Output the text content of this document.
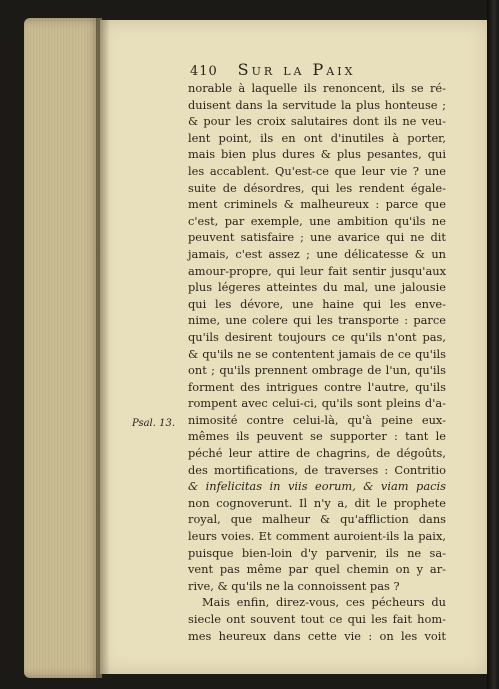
410 Sur la Paix
Psal. 13.
norable à laquelle ils renoncent, ils se ré-
duisent dans la servitude la plus honteuse ;
& pour les croix salutaires dont ils ne veu-
lent point, ils en ont d'inutiles à porter,
mais bien plus dures & plus pesantes, qui
les accablent. Qu'est-ce que leur vie ? une
suite de désordres, qui les rendent égale-
ment criminels & malheureux : parce que
c'est, par exemple, une ambition qu'ils ne
peuvent satisfaire ; une avarice qui ne dit
jamais, c'est assez ; une délicatesse & un
amour-propre, qui leur fait sentir jusqu'aux
plus légeres atteintes du mal, une jalousie
qui les dévore, une haine qui les enve-
nime, une colere qui les transporte : parce
qu'ils desirent toujours ce qu'ils n'ont pas,
& qu'ils ne se contentent jamais de ce qu'ils
ont ; qu'ils prennent ombrage de l'un, qu'ils
forment des intrigues contre l'autre, qu'ils
rompent avec celui-ci, qu'ils sont pleins d'a-
nimosité contre celui-là, qu'à peine eux-
mêmes ils peuvent se supporter : tant le
péché leur attire de chagrins, de dégoûts,
des mortifications, de traverses : Contritio
& infelicitas in viis eorum, & viam pacis
non cognoverunt. Il n'y a, dit le prophete
royal, que malheur & qu'affliction dans
leurs voies. Et comment auroient-ils la paix,
puisque bien-loin d'y parvenir, ils ne sa-
vent pas même par quel chemin on y ar-
rive, & qu'ils ne la connoissent pas ?
Mais enfin, direz-vous, ces pécheurs du
siecle ont souvent tout ce qui les fait hom-
mes heureux dans cette vie : on les voit
